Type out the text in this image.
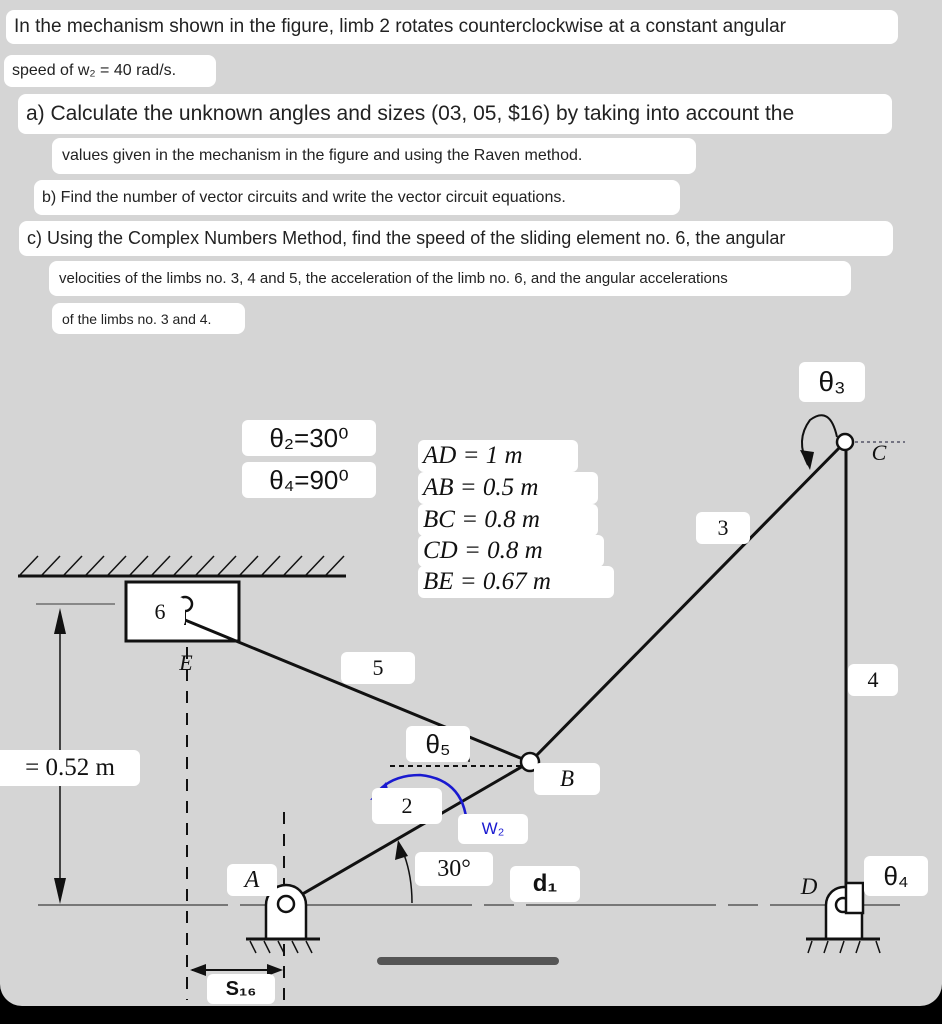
In the mechanism shown in the figure, limb 2 rotates counterclockwise at a constant angular
speed of w₂ = 40 rad/s.
a) Calculate the unknown angles and sizes (03, 05, $16) by taking into account the
values given in the mechanism in the figure and using the Raven method.
b) Find the number of vector circuits and write the vector circuit equations.
c) Using the Complex Numbers Method, find the speed of the sliding element no. 6, the angular
velocities of the limbs no. 3, 4 and 5, the acceleration of the limb no. 6, and the angular accelerations
of the limbs no. 3 and 4.
θ₂=30⁰
θ₄=90⁰
AD = 1 m
AB = 0.5 m
BC = 0.8 m
CD = 0.8 m
BE = 0.67 m
θ₃
3
C
6
E	5	4
θ₅
= 0.52 m	B
2
W₂
30°
A	d₁	D	θ₄
S₁₆
